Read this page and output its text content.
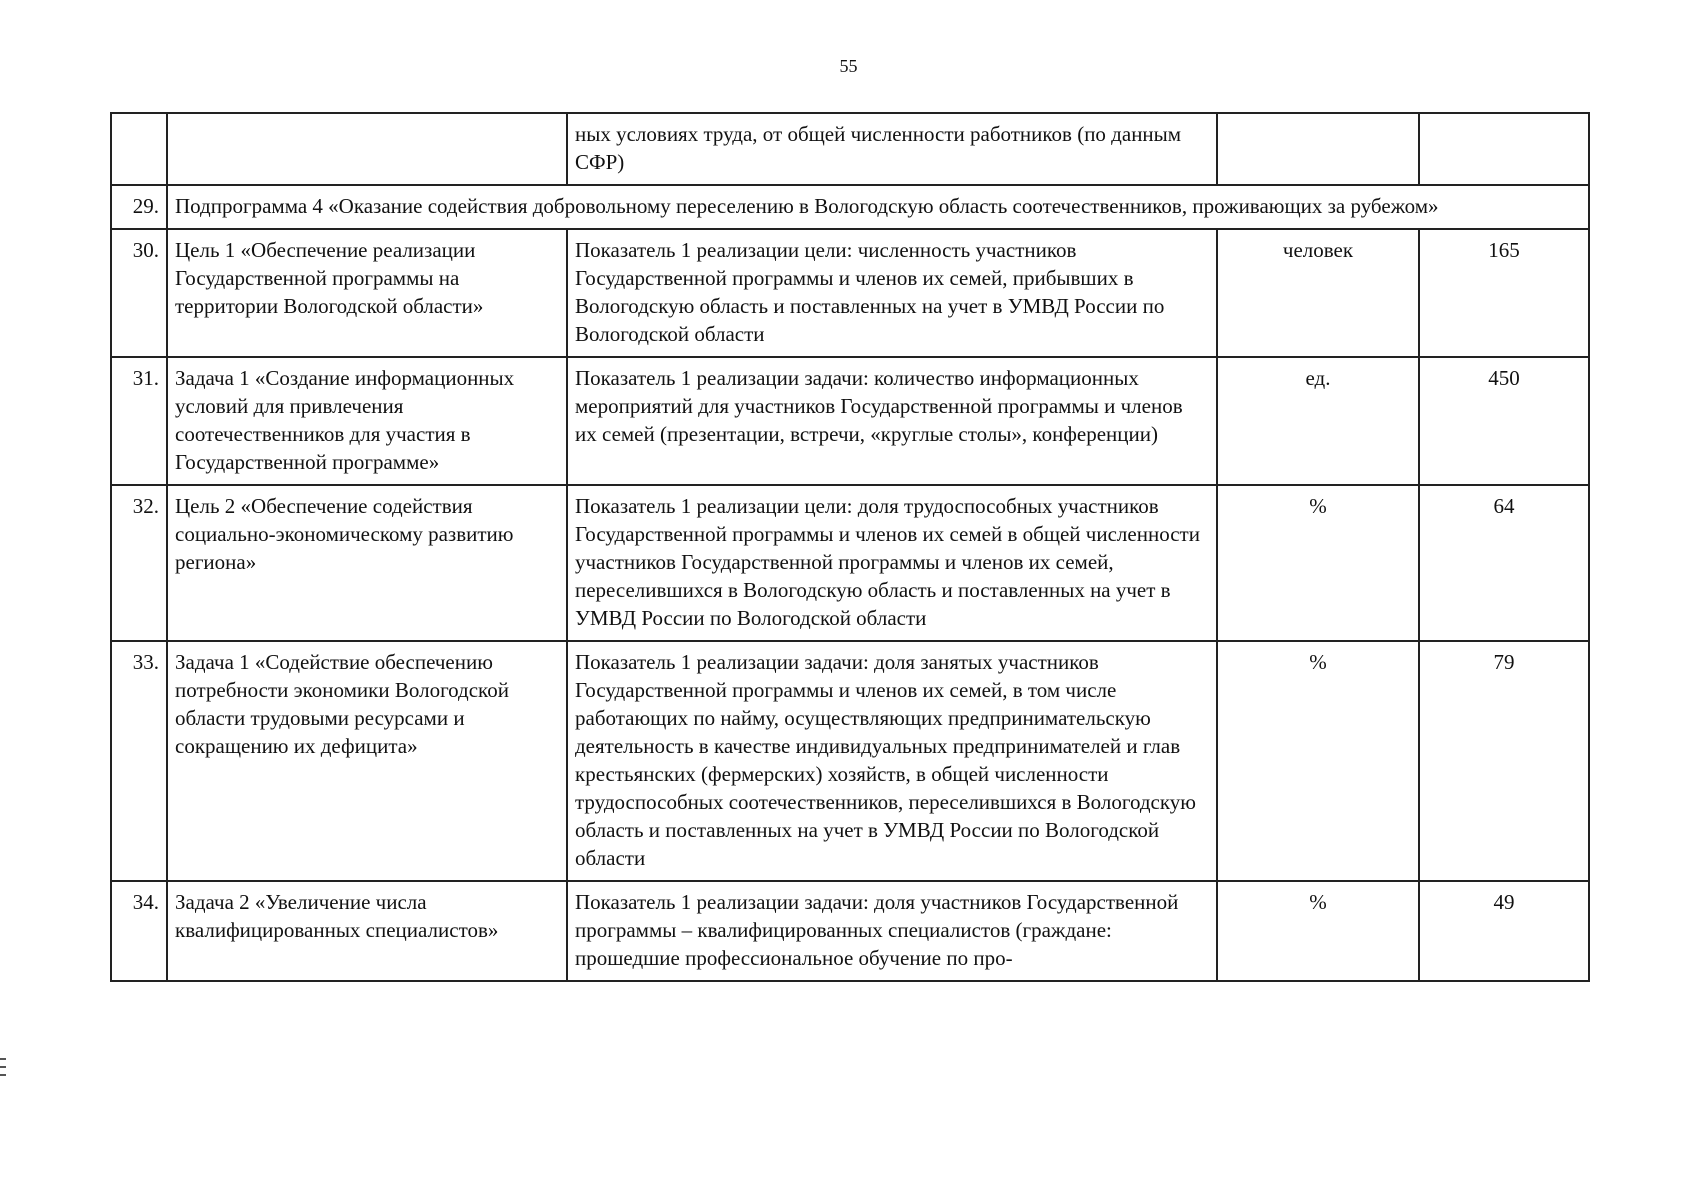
55
		ных условиях труда, от общей численности работников (по данным СФР)		
29.	Подпрограмма 4 «Оказание содействия добровольному переселению в Вологодскую область соотечественников, проживающих за рубежом»			
30.	Цель 1 «Обеспечение реализации Государственной программы на территории Вологодской области»	Показатель 1 реализации цели: численность участников Государственной программы и членов их семей, прибывших в Вологодскую область и поставленных на учет в УМВД России по Вологодской области	человек	165
31.	Задача 1 «Создание информационных условий для привлечения соотечественников для участия в Государственной программе»	Показатель 1 реализации задачи: количество информационных мероприятий для участников Государственной программы и членов их семей (презентации, встречи, «круглые столы», конференции)	ед.	450
32.	Цель 2 «Обеспечение содействия социально-экономическому развитию региона»	Показатель 1 реализации цели: доля трудоспособных участников Государственной программы и членов их семей в общей численности участников Государственной программы и членов их семей, переселившихся в Вологодскую область и поставленных на учет в УМВД России по Вологодской области	%	64
33.	Задача 1 «Содействие обеспечению потребности экономики Вологодской области трудовыми ресурсами и сокращению их дефицита»	Показатель 1 реализации задачи: доля занятых участников Государственной программы и членов их семей, в том числе работающих по найму, осуществляющих предпринимательскую деятельность в качестве индивидуальных предпринимателей и глав крестьянских (фермерских) хозяйств, в общей численности трудоспособных соотечественников, переселившихся в Вологодскую область и поставленных на учет в УМВД России по Вологодской области	%	79
34.	Задача 2 «Увеличение числа квалифицированных специалистов»	Показатель 1 реализации задачи: доля участников Государственной программы – квалифицированных специалистов (граждане: прошедшие профессиональное обучение по про-	%	49
